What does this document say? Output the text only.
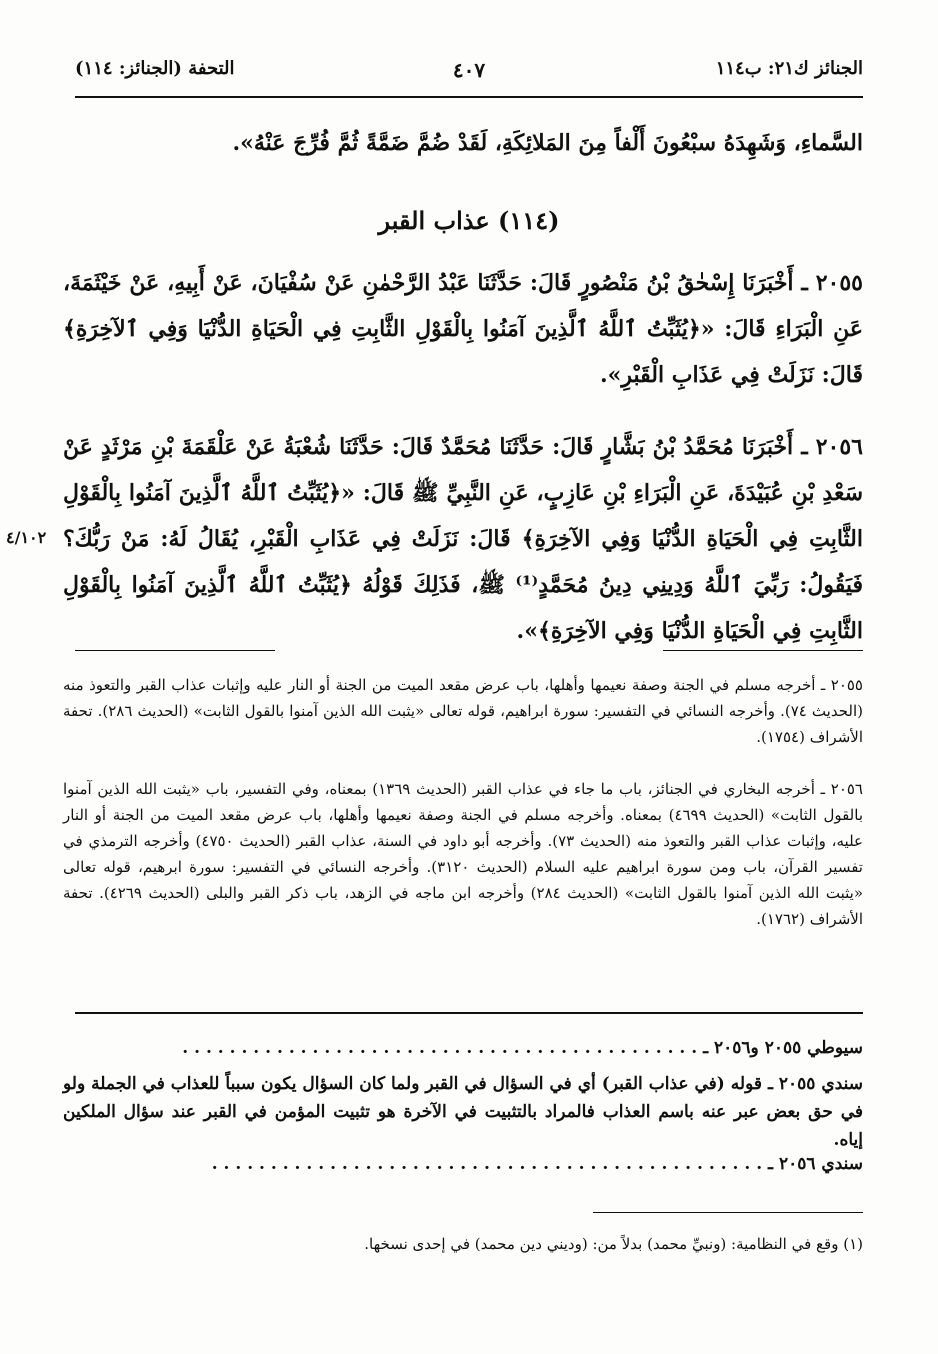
الجنائز ك٢١: ب١١٤
٤٠٧
التحفة (الجنائز: ١١٤)

السَّماءِ، وَشَهِدَهُ سبْعُونَ أَلْفاً مِنَ المَلائِكَةِ، لَقَدْ ضُمَّ ضَمَّةً ثُمَّ فُرِّجَ عَنْهُ».

(١١٤) عذاب القبر

٢٠٥٥ ـ أَخْبَرَنَا إِسْحٰقُ بْنُ مَنْصُورٍ قَالَ: حَدَّثَنَا عَبْدُ الرَّحْمٰنِ عَنْ سُفْيَانَ، عَنْ أَبِيهِ، عَنْ خَيْثَمَةَ، عَنِ الْبَرَاءِ قَالَ: «﴿يُثَبِّتُ ٱللَّهُ ٱلَّذِينَ آمَنُوا بِالْقَوْلِ الثَّابِتِ فِي الْحَيَاةِ الدُّنْيَا وَفِي ٱلآخِرَةِ﴾ قَالَ: نَزَلَتْ فِي عَذَابِ الْقَبْرِ».

٢٠٥٦ ـ أَخْبَرَنَا مُحَمَّدُ بْنُ بَشَّارٍ قَالَ: حَدَّثَنَا مُحَمَّدٌ قَالَ: حَدَّثَنَا شُعْبَةُ عَنْ عَلْقَمَةَ بْنِ مَرْثَدٍ عَنْ سَعْدِ بْنِ عُبَيْدَةَ، عَنِ الْبَرَاءِ بْنِ عَازِبٍ، عَنِ النَّبِيِّ ﷺ قَالَ: «﴿يُثَبِّتُ ٱللَّهُ ٱلَّذِينَ آمَنُوا بِالْقَوْلِ الثَّابِتِ فِي الْحَيَاةِ الدُّنْيَا وَفِي الآخِرَةِ﴾ قَالَ: نَزَلَتْ فِي عَذَابِ الْقَبْرِ، يُقَالُ لَهُ: مَنْ رَبُّكَ؟ فَيَقُولُ: رَبِّيَ ٱللَّهُ وَدِينِي دِينُ مُحَمَّدٍ⁽¹⁾ ﷺ، فَذَلِكَ قَوْلُهُ ﴿يُثَبِّتُ ٱللَّهُ ٱلَّذِينَ آمَنُوا بِالْقَوْلِ الثَّابِتِ فِي الْحَيَاةِ الدُّنْيَا وَفِي الآخِرَةِ﴾».

٤/١٠٢

٢٠٥٥ ـ أخرجه مسلم في الجنة وصفة نعيمها وأهلها، باب عرض مقعد الميت من الجنة أو النار عليه وإثبات عذاب القبر والتعوذ منه (الحديث ٧٤). وأخرجه النسائي في التفسير: سورة ابراهيم، قوله تعالى «يثبت الله الذين آمنوا بالقول الثابت» (الحديث ٢٨٦). تحفة الأشراف (١٧٥٤).

٢٠٥٦ ـ أخرجه البخاري في الجنائز، باب ما جاء في عذاب القبر (الحديث ١٣٦٩) بمعناه، وفي التفسير، باب «يثبت الله الذين آمنوا بالقول الثابت» (الحديث ٤٦٩٩) بمعناه. وأخرجه مسلم في الجنة وصفة نعيمها وأهلها، باب عرض مقعد الميت من الجنة أو النار عليه، وإثبات عذاب القبر والتعوذ منه (الحديث ٧٣). وأخرجه أبو داود في السنة، عذاب القبر (الحديث ٤٧٥٠) وأخرجه الترمذي في تفسير القرآن، باب ومن سورة ابراهيم عليه السلام (الحديث ٣١٢٠). وأخرجه النسائي في التفسير: سورة ابرهيم، قوله تعالى «يثبت الله الذين آمنوا بالقول الثابت» (الحديث ٢٨٤) وأخرجه ابن ماجه في الزهد، باب ذكر القبر والبلى (الحديث ٤٢٦٩). تحفة الأشراف (١٧٦٢).

سيوطي ٢٠٥٥ و٢٠٥٦ ـ . . . . . . . . . . . . . . . . . . . . . . . . . . . . . . . . . . . . . . . . . . . .

سندي ٢٠٥٥ ـ قوله (في عذاب القبر) أي في السؤال في القبر ولما كان السؤال يكون سبباً للعذاب في الجملة ولو في حق بعض عبر عنه باسم العذاب فالمراد بالتثبيت في الآخرة هو تثبيت المؤمن في القبر عند سؤال الملكين إياه.

سندي ٢٠٥٦ ـ . . . . . . . . . . . . . . . . . . . . . . . . . . . . . . . . . . . . . . . . . . . . . . .

(١) وقع في النظامية: (ونبيِّ محمد) بدلاً من: (وديني دين محمد) في إحدى نسخها.
